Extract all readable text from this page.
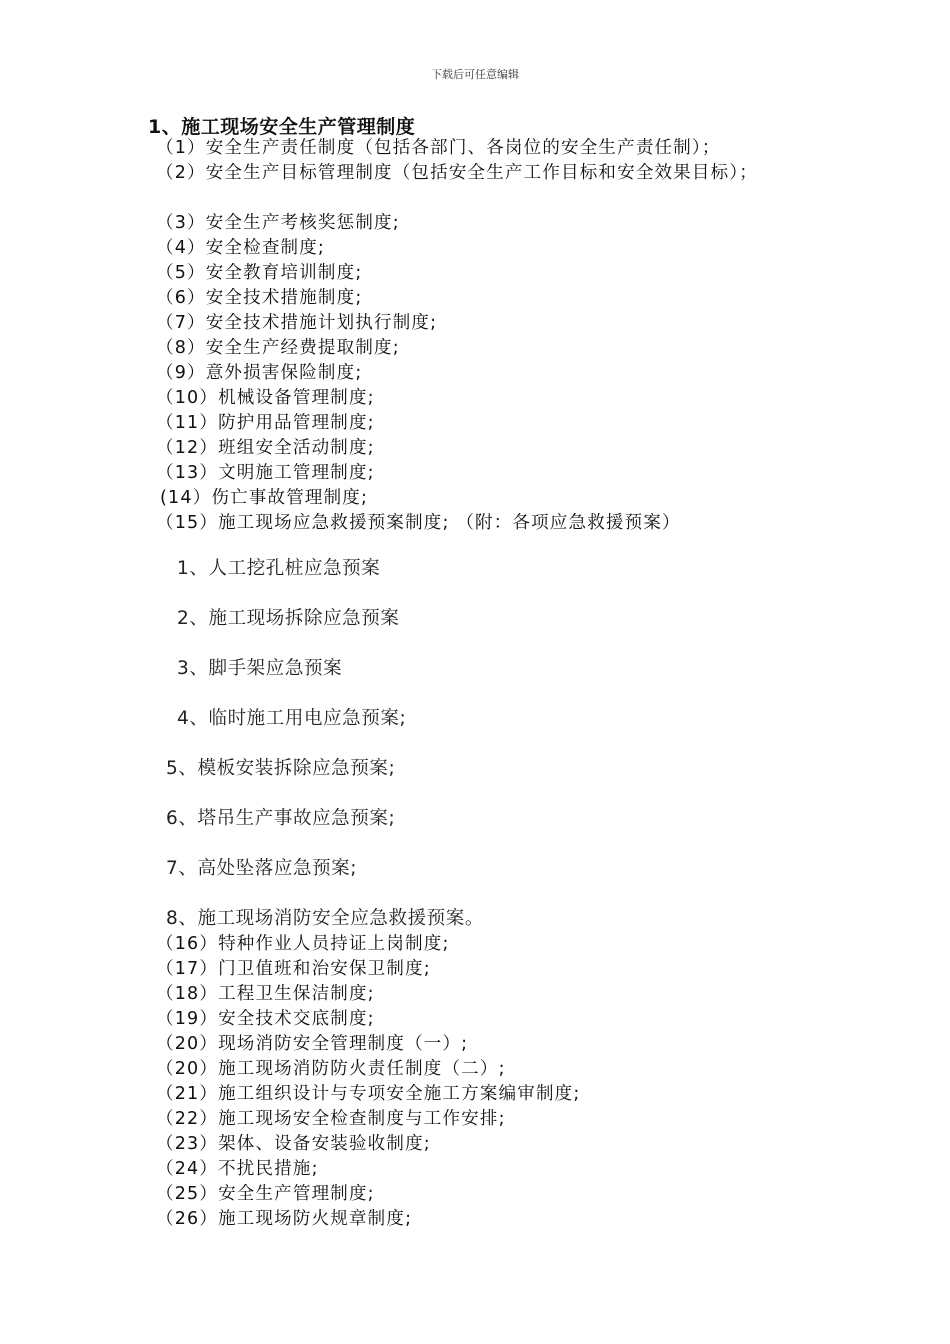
下载后可任意编辑
1、施工现场安全生产管理制度
（1）安全生产责任制度（包括各部门、各岗位的安全生产责任制）；
（2）安全生产目标管理制度（包括安全生产工作目标和安全效果目标）；
（3）安全生产考核奖惩制度;
（4）安全检查制度;
（5）安全教育培训制度;
（6）安全技术措施制度;
（7）安全技术措施计划执行制度;
（8）安全生产经费提取制度;
（9）意外损害保险制度;
（10）机械设备管理制度;
（11）防护用品管理制度;
（12）班组安全活动制度;
（13）文明施工管理制度;
(14）伤亡事故管理制度;
（15）施工现场应急救援预案制度; （附：各项应急救援预案）
1、人工挖孔桩应急预案
2、施工现场拆除应急预案
3、脚手架应急预案
4、临时施工用电应急预案;
5、模板安装拆除应急预案;
6、塔吊生产事故应急预案;
7、高处坠落应急预案;
8、施工现场消防安全应急救援预案。
（16）特种作业人员持证上岗制度;
（17）门卫值班和治安保卫制度;
（18）工程卫生保洁制度;
（19）安全技术交底制度;
（20）现场消防安全管理制度（一）;
（20）施工现场消防防火责任制度（二）;
（21）施工组织设计与专项安全施工方案编审制度;
（22）施工现场安全检查制度与工作安排;
（23）架体、设备安装验收制度;
（24）不扰民措施;
（25）安全生产管理制度;
（26）施工现场防火规章制度;
